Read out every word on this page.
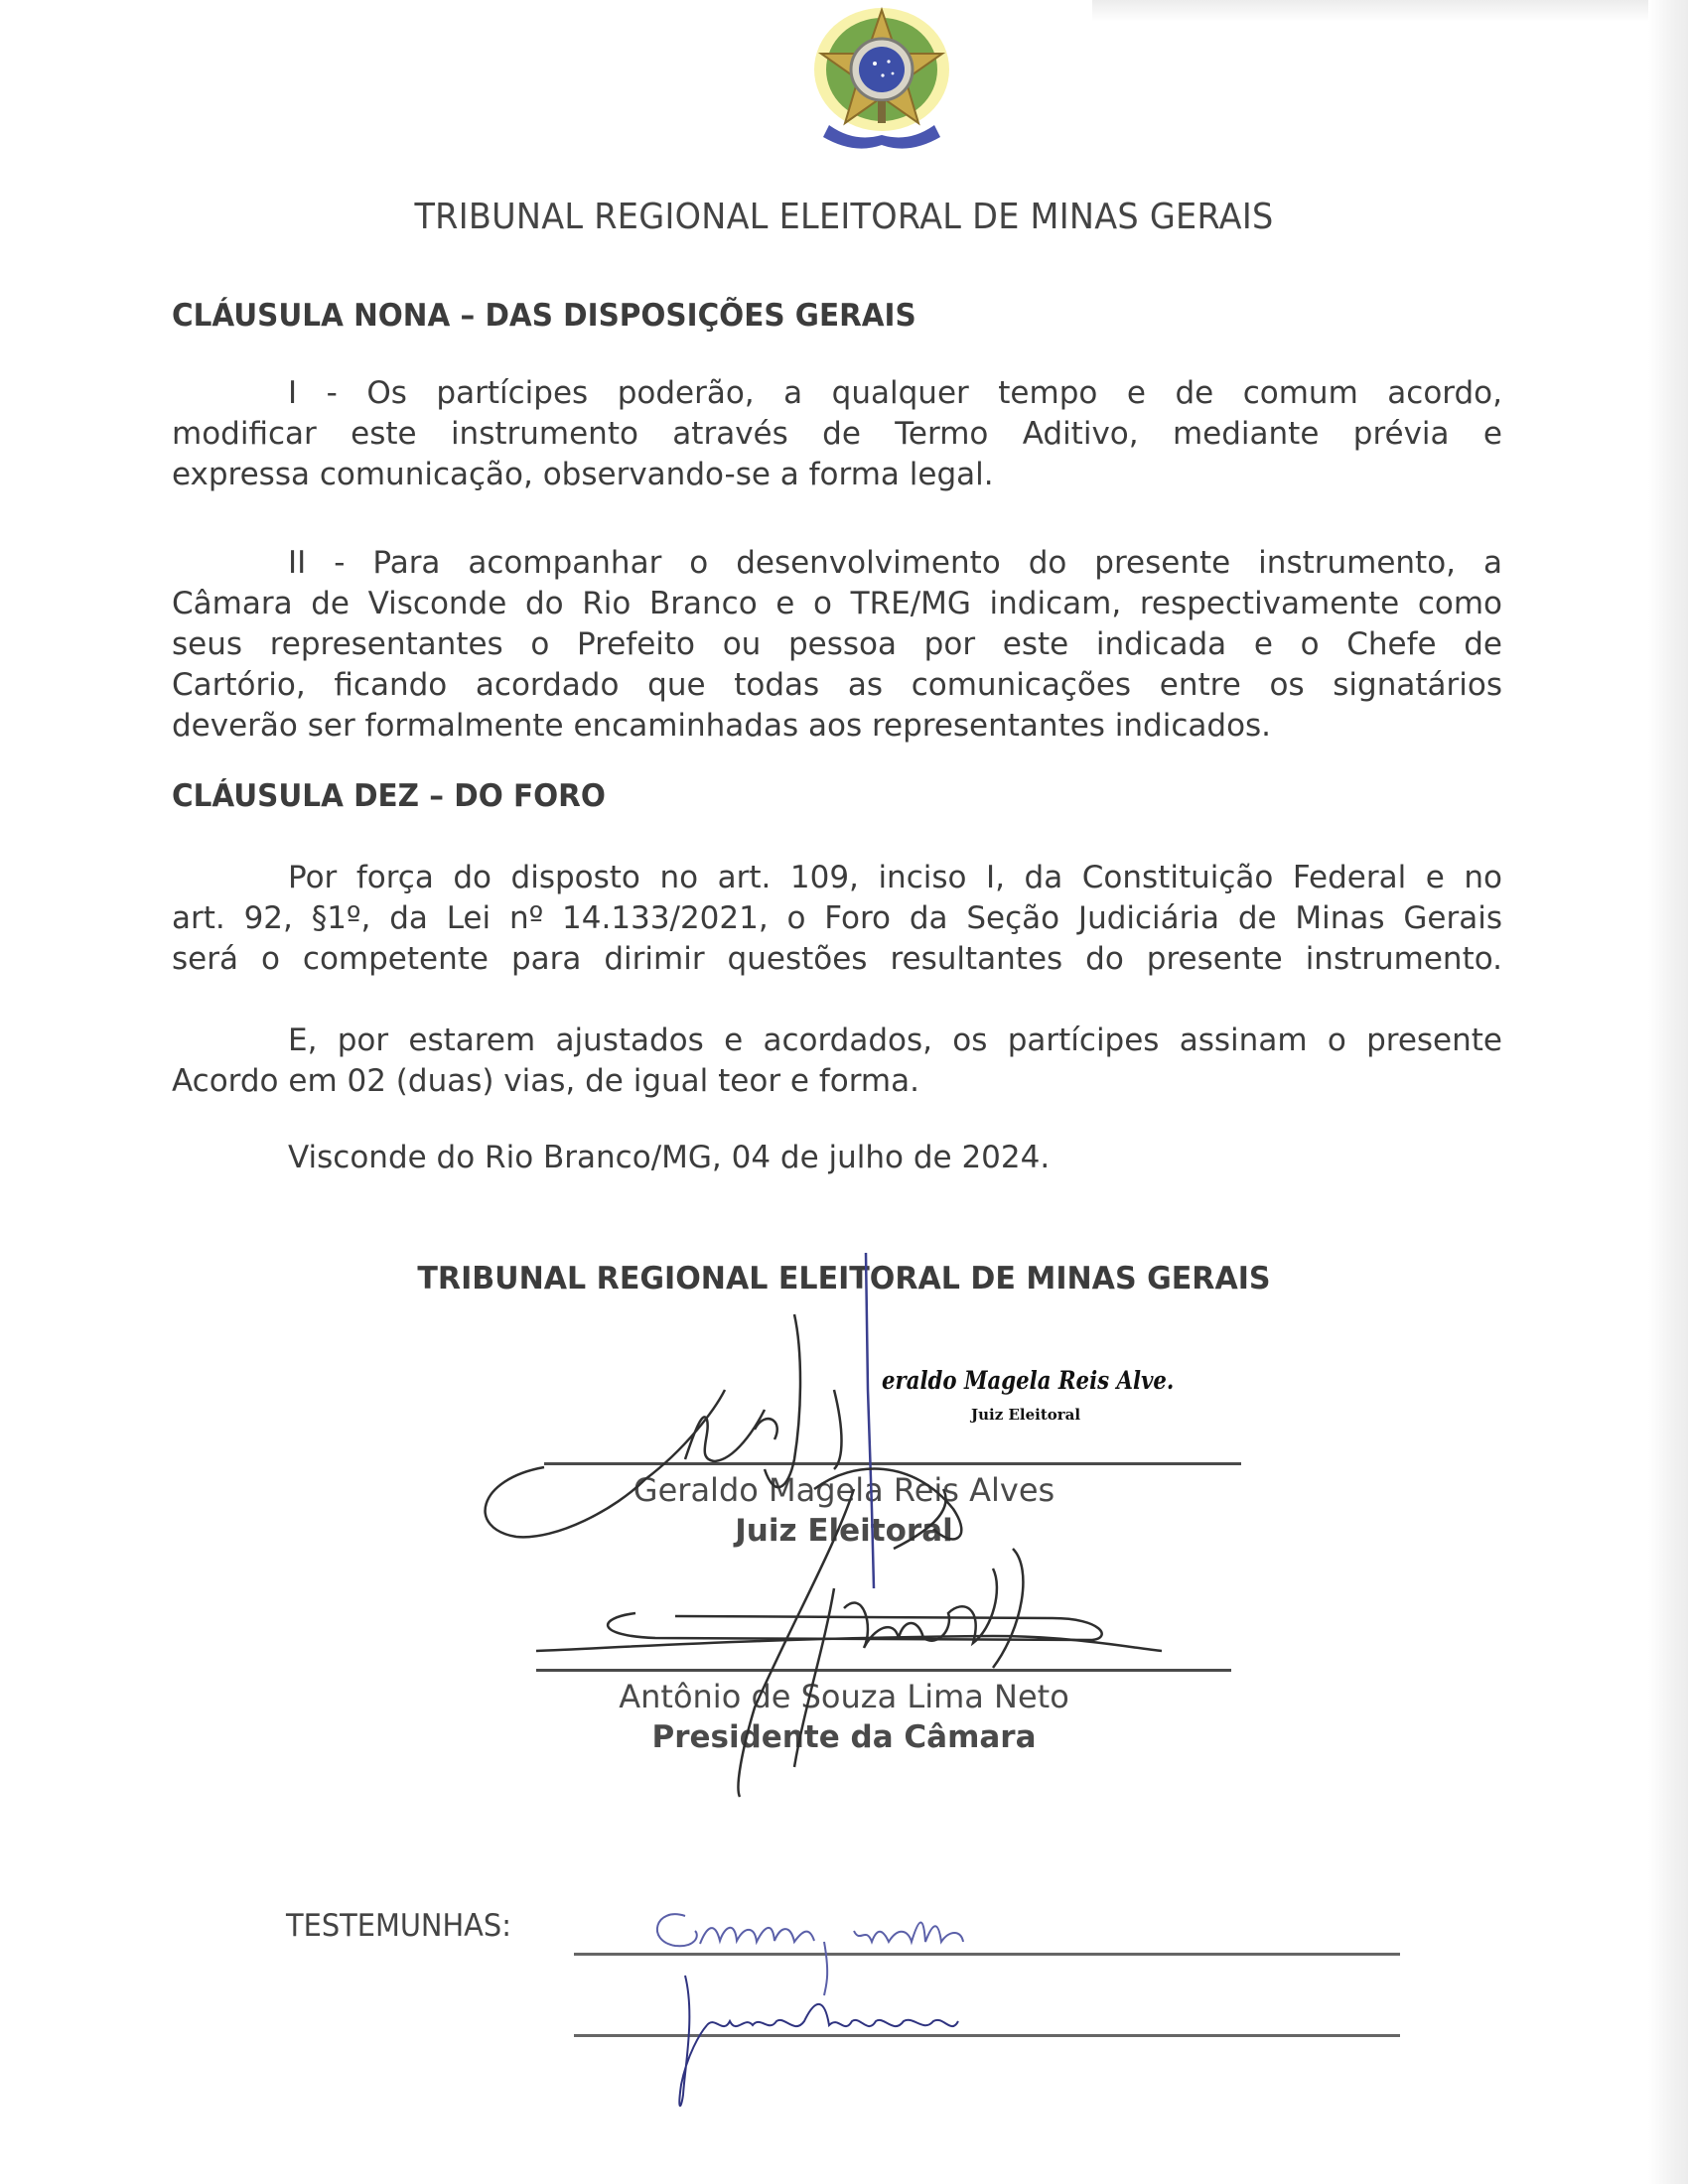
TRIBUNAL REGIONAL ELEITORAL DE MINAS GERAIS
CLÁUSULA NONA – DAS DISPOSIÇÕES GERAIS
I - Os partícipes poderão, a qualquer tempo e de comum acordo,
modificar este instrumento através de Termo Aditivo, mediante prévia e
expressa comunicação, observando-se a forma legal.
II - Para acompanhar o desenvolvimento do presente instrumento, a
Câmara de Visconde do Rio Branco e o TRE/MG indicam, respectivamente como
seus representantes o Prefeito ou pessoa por este indicada e o Chefe de
Cartório, ficando acordado que todas as comunicações entre os signatários
deverão ser formalmente encaminhadas aos representantes indicados.
CLÁUSULA DEZ – DO FORO
Por força do disposto no art. 109, inciso I, da Constituição Federal e no
art. 92, §1º, da Lei nº 14.133/2021, o Foro da Seção Judiciária de Minas Gerais
será o competente para dirimir questões resultantes do presente instrumento.
E, por estarem ajustados e acordados, os partícipes assinam o presente
Acordo em 02 (duas) vias, de igual teor e forma.
Visconde do Rio Branco/MG, 04 de julho de 2024.
TRIBUNAL REGIONAL ELEITORAL DE MINAS GERAIS
eraldo Magela Reis Alve.
Juiz Eleitoral
Geraldo Magela Reis Alves
Juiz Eleitoral
Antônio de Souza Lima Neto
Presidente da Câmara
TESTEMUNHAS:
